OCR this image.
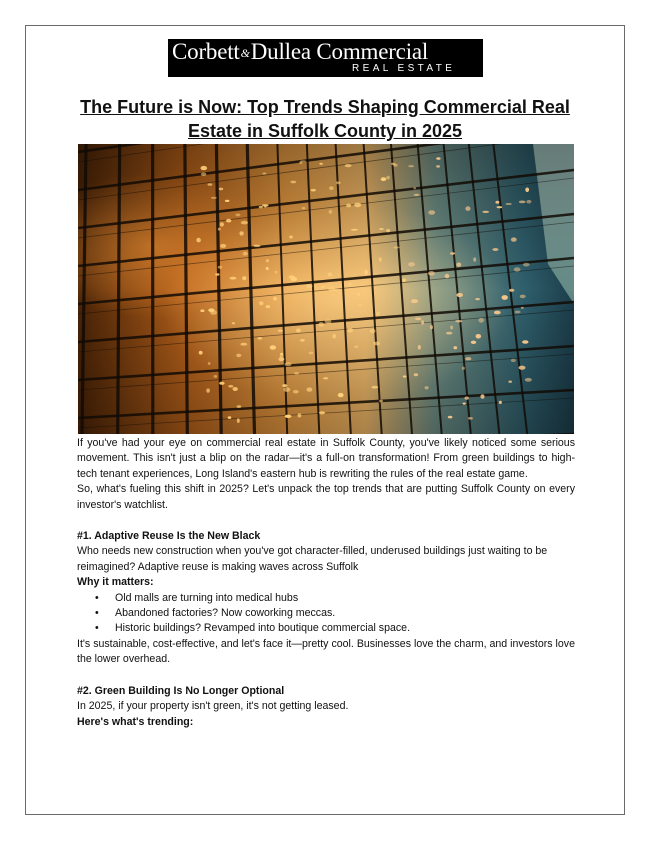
Corbett&Dullea Commercial
REAL ESTATE
The Future is Now: Top Trends Shaping Commercial Real Estate in Suffolk County in 2025

If you've had your eye on commercial real estate in Suffolk County, you've likely noticed some serious movement. This isn't just a blip on the radar—it's a full-on transformation! From green buildings to high-tech tenant experiences, Long Island's eastern hub is rewriting the rules of the real estate game.

So, what's fueling this shift in 2025? Let's unpack the top trends that are putting Suffolk County on every investor's watchlist.

#1. Adaptive Reuse Is the New Black

Who needs new construction when you've got character-filled, underused buildings just waiting to be reimagined? Adaptive reuse is making waves across Suffolk

Why it matters:
• Old malls are turning into medical hubs
• Abandoned factories? Now coworking meccas.
• Historic buildings? Revamped into boutique commercial space.

It's sustainable, cost-effective, and let's face it—pretty cool. Businesses love the charm, and investors love the lower overhead.

#2. Green Building Is No Longer Optional

In 2025, if your property isn't green, it's not getting leased.

Here's what's trending:
